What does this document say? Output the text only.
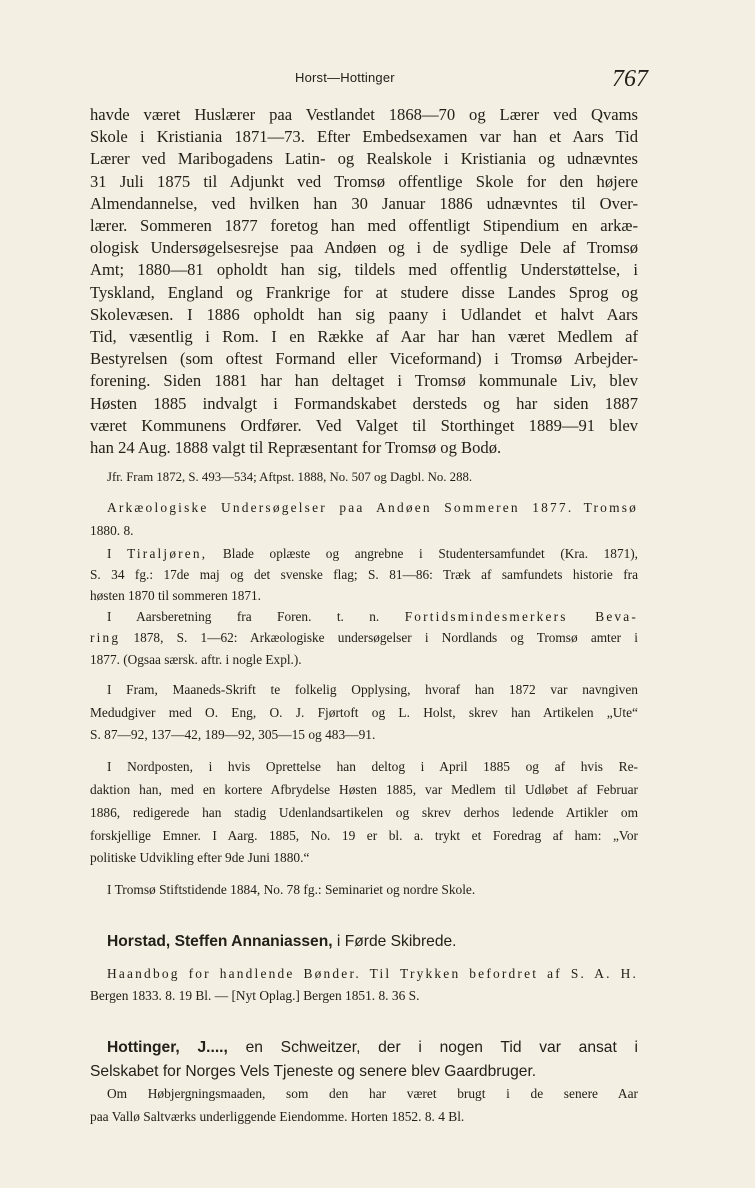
Horst—Hottinger	767

havde været Huslærer paa Vestlandet 1868—70 og Lærer ved Qvams
Skole i Kristiania 1871—73. Efter Embedsexamen var han et Aars Tid
Lærer ved Maribogadens Latin- og Realskole i Kristiania og udnævntes
31 Juli 1875 til Adjunkt ved Tromsø offentlige Skole for den højere
Almendannelse, ved hvilken han 30 Januar 1886 udnævntes til Over-
lærer. Sommeren 1877 foretog han med offentligt Stipendium en arkæ-
ologisk Undersøgelsesrejse paa Andøen og i de sydlige Dele af Tromsø
Amt; 1880—81 opholdt han sig, tildels med offentlig Understøttelse, i
Tyskland, England og Frankrige for at studere disse Landes Sprog og
Skolevæsen. I 1886 opholdt han sig paany i Udlandet et halvt Aars
Tid, væsentlig i Rom. I en Række af Aar har han været Medlem af
Bestyrelsen (som oftest Formand eller Viceformand) i Tromsø Arbejder-
forening. Siden 1881 har han deltaget i Tromsø kommunale Liv, blev
Høsten 1885 indvalgt i Formandskabet dersteds og har siden 1887
været Kommunens Ordfører. Ved Valget til Storthinget 1889—91 blev
han 24 Aug. 1888 valgt til Repræsentant for Tromsø og Bodø.

Jfr. Fram 1872, S. 493—534; Aftpst. 1888, No. 507 og Dagbl. No. 288.

Arkæologiske Undersøgelser paa Andøen Sommeren 1877. Tromsø
1880. 8.

I Tiraljøren, Blade oplæste og angrebne i Studentersamfundet (Kra. 1871),
S. 34 fg.: 17de maj og det svenske flag; S. 81—86: Træk af samfundets historie fra
høsten 1870 til sommeren 1871.

I Aarsberetning fra Foren. t. n. Fortidsmindesmerkers Beva-
ring 1878, S. 1—62: Arkæologiske undersøgelser i Nordlands og Tromsø amter i
1877. (Ogsaa særsk. aftr. i nogle Expl.).

I Fram, Maaneds-Skrift te folkelig Opplysing, hvoraf han 1872 var navngiven
Medudgiver med O. Eng, O. J. Fjørtoft og L. Holst, skrev han Artikelen „Ute“
S. 87—92, 137—42, 189—92, 305—15 og 483—91.

I Nordposten, i hvis Oprettelse han deltog i April 1885 og af hvis Re-
daktion han, med en kortere Afbrydelse Høsten 1885, var Medlem til Udløbet af Februar
1886, redigerede han stadig Udenlandsartikelen og skrev derhos ledende Artikler om
forskjellige Emner. I Aarg. 1885, No. 19 er bl. a. trykt et Foredrag af ham: „Vor
politiske Udvikling efter 9de Juni 1880.“

I Tromsø Stiftstidende 1884, No. 78 fg.: Seminariet og nordre Skole.

Horstad, Steffen Annaniassen, i Førde Skibrede.

Haandbog for handlende Bønder. Til Trykken befordret af S. A. H.
Bergen 1833. 8. 19 Bl. — [Nyt Oplag.] Bergen 1851. 8. 36 S.

Hottinger, J...., en Schweitzer, der i nogen Tid var ansat i
Selskabet for Norges Vels Tjeneste og senere blev Gaardbruger.

Om Høbjergningsmaaden, som den har været brugt i de senere Aar
paa Vallø Saltværks underliggende Eiendomme. Horten 1852. 8. 4 Bl.
